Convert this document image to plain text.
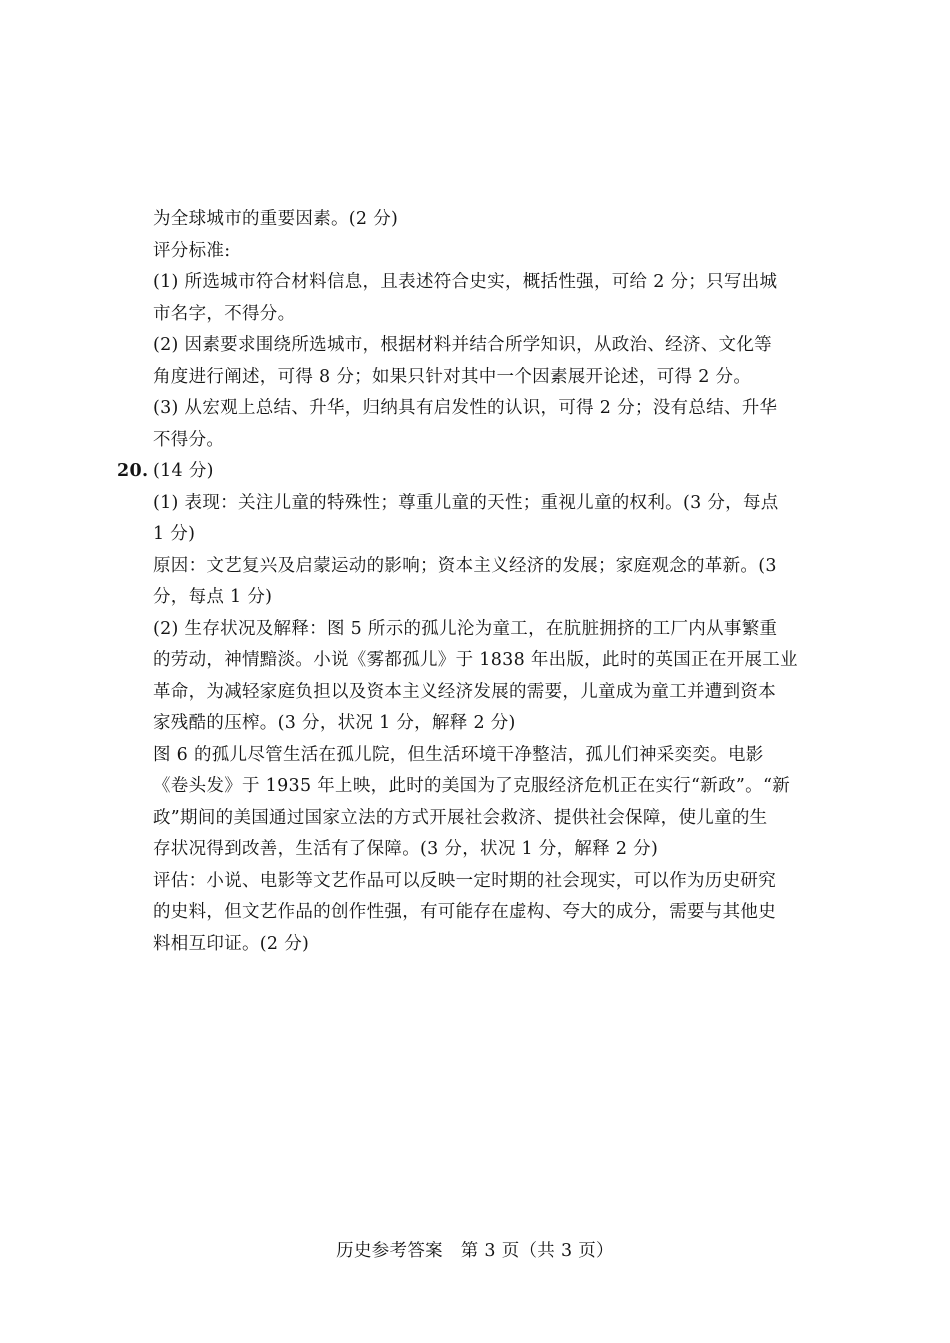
为全球城市的重要因素。(2 分)
评分标准:
(1) 所选城市符合材料信息，且表述符合史实，概括性强，可给 2 分；只写出城
市名字，不得分。
(2) 因素要求围绕所选城市，根据材料并结合所学知识，从政治、经济、文化等
角度进行阐述，可得 8 分；如果只针对其中一个因素展开论述，可得 2 分。
(3) 从宏观上总结、升华，归纳具有启发性的认识，可得 2 分；没有总结、升华
不得分。
20. (14 分)
(1) 表现：关注儿童的特殊性；尊重儿童的天性；重视儿童的权利。(3 分，每点
1 分)
原因：文艺复兴及启蒙运动的影响；资本主义经济的发展；家庭观念的革新。(3
分，每点 1 分)
(2) 生存状况及解释：图 5 所示的孤儿沦为童工，在肮脏拥挤的工厂内从事繁重
的劳动，神情黯淡。小说《雾都孤儿》于 1838 年出版，此时的英国正在开展工业
革命，为减轻家庭负担以及资本主义经济发展的需要，儿童成为童工并遭到资本
家残酷的压榨。(3 分，状况 1 分，解释 2 分)
图 6 的孤儿尽管生活在孤儿院，但生活环境干净整洁，孤儿们神采奕奕。电影
《卷头发》于 1935 年上映，此时的美国为了克服经济危机正在实行“新政”。“新
政”期间的美国通过国家立法的方式开展社会救济、提供社会保障，使儿童的生
存状况得到改善，生活有了保障。(3 分，状况 1 分，解释 2 分)
评估：小说、电影等文艺作品可以反映一定时期的社会现实，可以作为历史研究
的史料，但文艺作品的创作性强，有可能存在虚构、夸大的成分，需要与其他史
料相互印证。(2 分)
历史参考答案　第 3 页（共 3 页）
